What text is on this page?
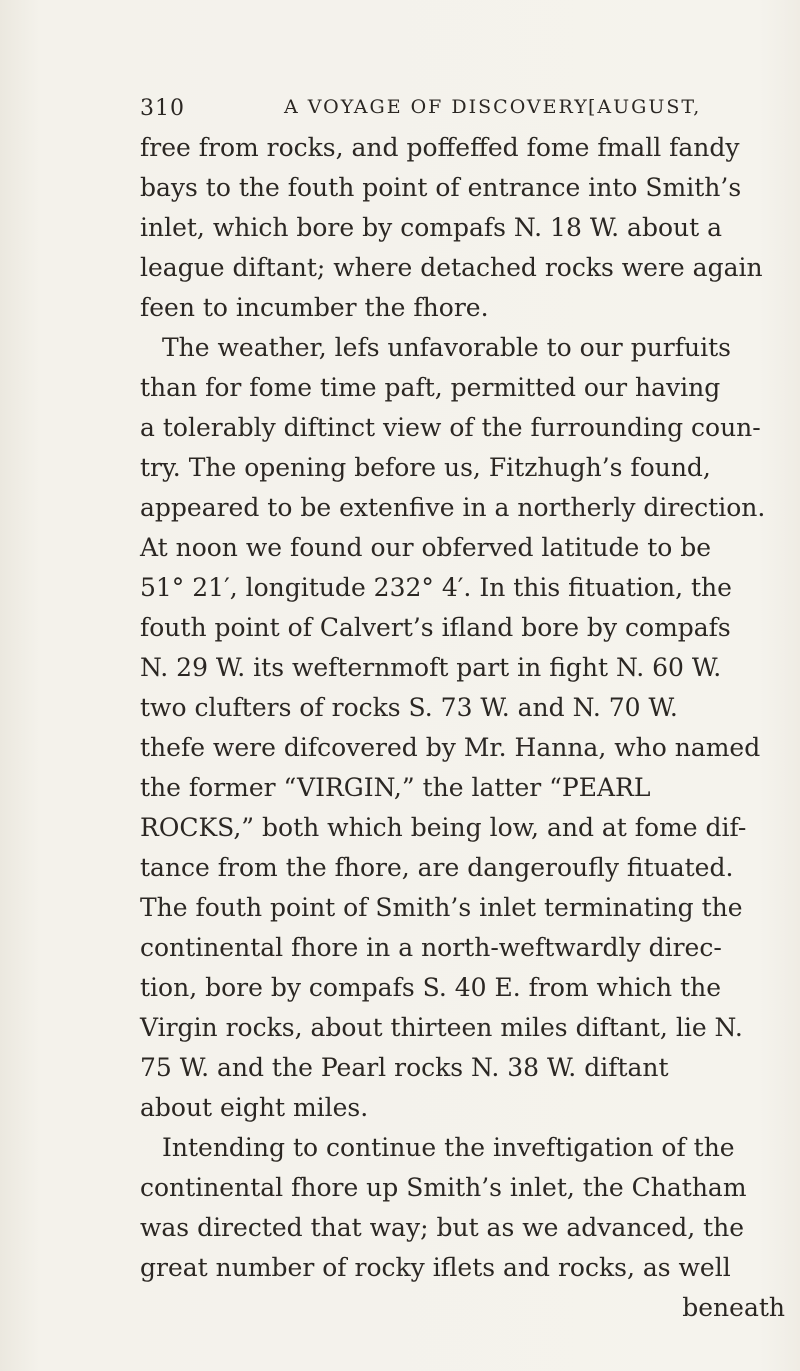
310	A VOYAGE OF DISCOVERY [AUGUST,
free from rocks, and poffeffed fome fmall fandy
bays to the fouth point of entrance into Smith’s
inlet, which bore by compafs N. 18 W. about a
league diftant; where detached rocks were again
feen to incumber the fhore.
The weather, lefs unfavorable to our purfuits
than for fome time paft, permitted our having
a tolerably diftinct view of the furrounding coun-
try. The opening before us, Fitzhugh’s found,
appeared to be extenfive in a northerly direction.
At noon we found our obferved latitude to be
51° 21′, longitude 232° 4′. In this fituation, the
fouth point of Calvert’s ifland bore by compafs
N. 29 W. its wefternmoft part in fight N. 60 W.
two clufters of rocks S. 73 W. and N. 70 W.
thefe were difcovered by Mr. Hanna, who named
the former “VIRGIN,” the latter “PEARL
ROCKS,” both which being low, and at fome dif-
tance from the fhore, are dangeroufly fituated.
The fouth point of Smith’s inlet terminating the
continental fhore in a north-weftwardly direc-
tion, bore by compafs S. 40 E. from which the
Virgin rocks, about thirteen miles diftant, lie N.
75 W. and the Pearl rocks N. 38 W. diftant
about eight miles.
Intending to continue the inveftigation of the
continental fhore up Smith’s inlet, the Chatham
was directed that way; but as we advanced, the
great number of rocky iflets and rocks, as well
beneath
